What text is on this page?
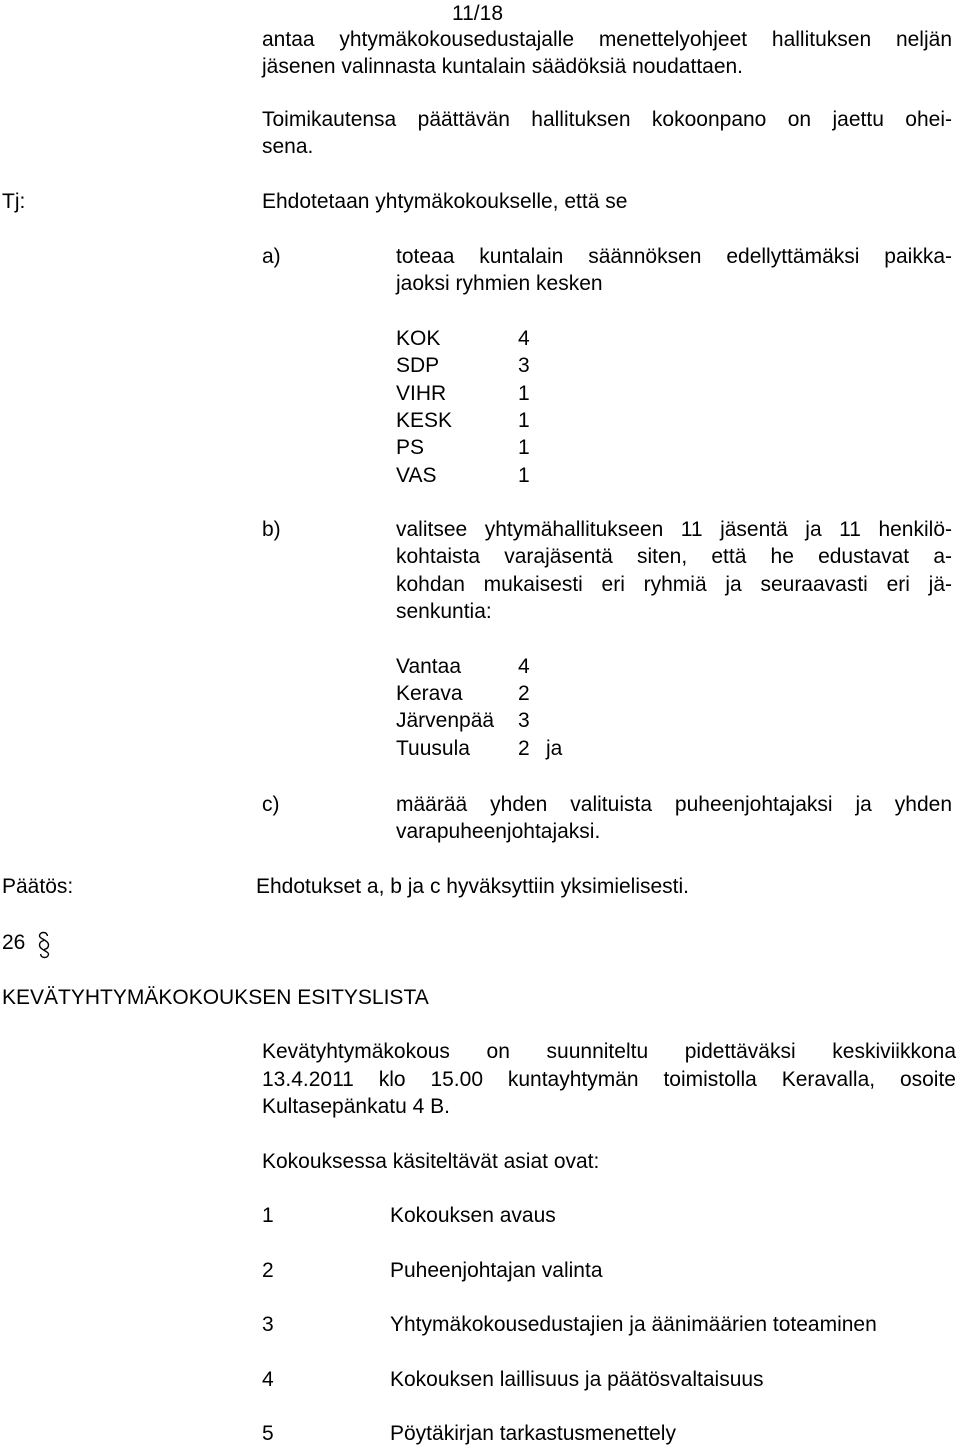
11/18
antaa yhtymäkokousedustajalle menettelyohjeet hallituksen neljän
jäsenen valinnasta kuntalain säädöksiä noudattaen.
Toimikautensa päättävän hallituksen kokoonpano on jaettu ohei-
sena.
Tj:	Ehdotetaan yhtymäkokoukselle, että se
a)	toteaa kuntalain säännöksen edellyttämäksi paikka-
jaoksi ryhmien kesken
KOK	4
SDP	3
VIHR	1
KESK	1
PS	1
VAS	1
b)	valitsee yhtymähallitukseen 11 jäsentä ja 11 henkilö-
kohtaista varajäsentä siten, että he edustavat a-
kohdan mukaisesti eri ryhmiä ja seuraavasti eri jä-
senkuntia:
Vantaa	4
Kerava	2
Järvenpää 3
Tuusula 2 ja
c)	määrää yhden valituista puheenjohtajaksi ja yhden
varapuheenjohtajaksi.
Päätös:	Ehdotukset a, b ja c hyväksyttiin yksimielisesti.
26
KEVÄTYHTYMÄKOKOUKSEN ESITYSLISTA
Kevätyhtymäkokous on suunniteltu pidettäväksi keskiviikkona
13.4.2011 klo 15.00 kuntayhtymän toimistolla Keravalla, osoite
Kultasepänkatu 4 B.
Kokouksessa käsiteltävät asiat ovat:
1	Kokouksen avaus
2	Puheenjohtajan valinta
3	Yhtymäkokousedustajien ja äänimäärien toteaminen
4	Kokouksen laillisuus ja päätösvaltaisuus
5	Pöytäkirjan tarkastusmenettely
